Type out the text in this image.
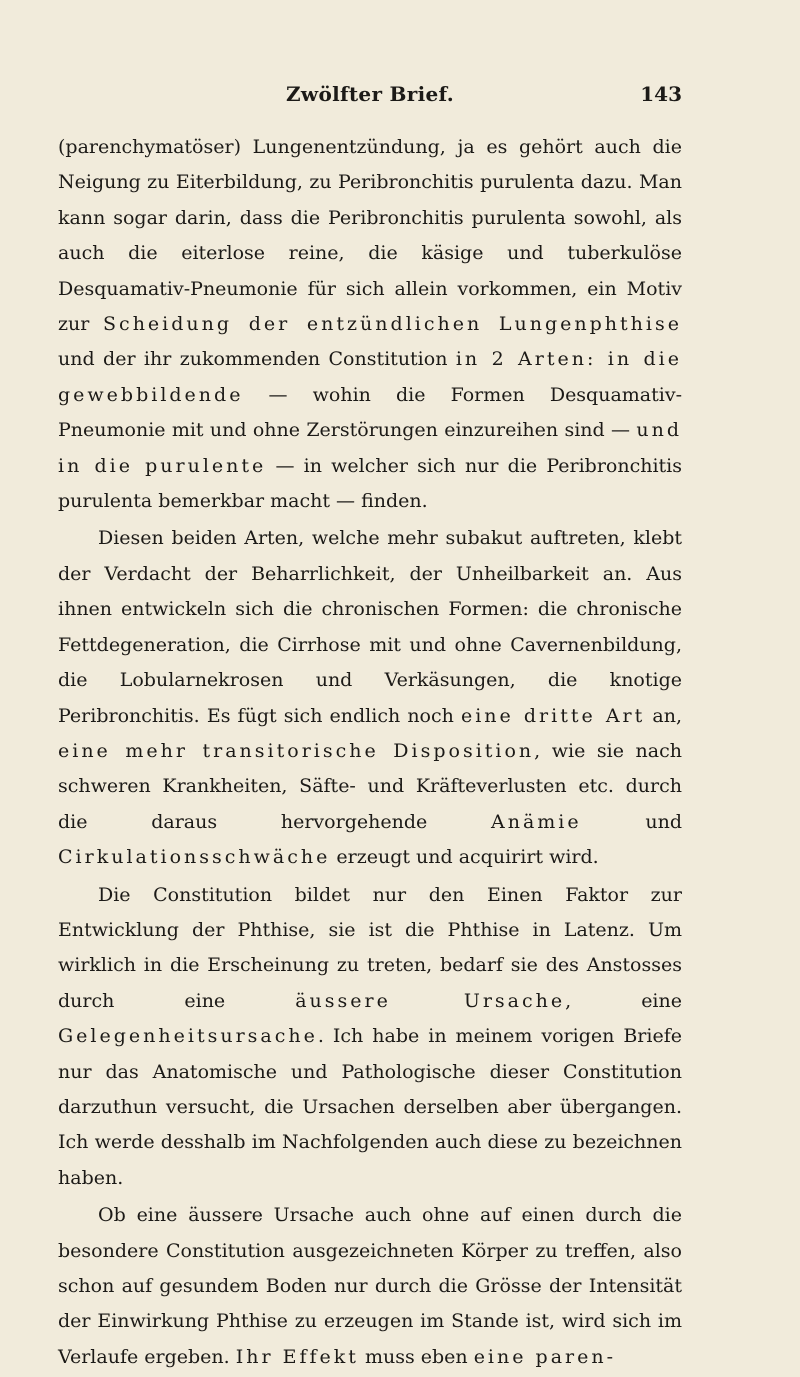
Zwölfter Brief.	143

(parenchymatöser) Lungenentzündung, ja es gehört auch die Neigung zu Eiterbildung, zu Peribronchitis purulenta dazu. Man kann sogar darin, dass die Peribronchitis purulenta sowohl, als auch die eiterlose reine, die käsige und tuberkulöse Desquamativ-Pneumonie für sich allein vorkommen, ein Motiv zur Scheidung der entzündlichen Lungenphthise und der ihr zukommenden Constitution in 2 Arten: in die gewebbildende — wohin die Formen Desquamativ-Pneumonie mit und ohne Zerstörungen einzureihen sind — und in die purulente — in welcher sich nur die Peribronchitis purulenta bemerkbar macht — finden.

Diesen beiden Arten, welche mehr subakut auftreten, klebt der Verdacht der Beharrlichkeit, der Unheilbarkeit an. Aus ihnen entwickeln sich die chronischen Formen: die chronische Fettdegeneration, die Cirrhose mit und ohne Cavernenbildung, die Lobularnekrosen und Verkäsungen, die knotige Peribronchitis. Es fügt sich endlich noch eine dritte Art an, eine mehr transitorische Disposition, wie sie nach schweren Krankheiten, Säfte- und Kräfteverlusten etc. durch die daraus hervorgehende Anämie und Cirkulationsschwäche erzeugt und acquirirt wird.

Die Constitution bildet nur den Einen Faktor zur Entwicklung der Phthise, sie ist die Phthise in Latenz. Um wirklich in die Erscheinung zu treten, bedarf sie des Anstosses durch eine äussere Ursache, eine Gelegenheitsursache. Ich habe in meinem vorigen Briefe nur das Anatomische und Pathologische dieser Constitution darzuthun versucht, die Ursachen derselben aber übergangen. Ich werde desshalb im Nachfolgenden auch diese zu bezeichnen haben.

Ob eine äussere Ursache auch ohne auf einen durch die besondere Constitution ausgezeichneten Körper zu treffen, also schon auf gesundem Boden nur durch die Grösse der Intensität der Einwirkung Phthise zu erzeugen im Stande ist, wird sich im Verlaufe ergeben. Ihr Effekt muss eben eine paren-
